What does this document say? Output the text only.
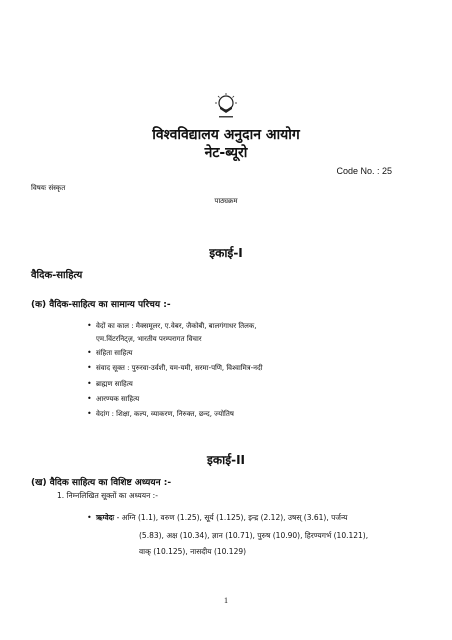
विश्वविद्यालय अनुदान आयोग
नेट-ब्यूरो
Code No. : 25
विषयः संस्कृत
पाठ्यक्रम
इकाई-I
वैदिक-साहित्य
(क) वैदिक-साहित्य का सामान्य परिचय :-
• वेदों का काल : मैक्समूलर, ए.वेबर, जैकोबी, बालगंगाधर तिलक,
एम.विंटरनिट्ज़, भारतीय परम्परागत विचार
• संहिता साहित्य
• संवाद सूक्त : पुरुरवा-उर्वशी, यम-यमी, सरमा-पणि, विश्वामित्र-नदी
• ब्राह्मण साहित्य
• आरण्यक साहित्य
• वेदांग : शिक्षा, कल्प, व्याकरण, निरुक्त, छन्द, ज्योतिष
इकाई-II
(ख) वैदिक साहित्य का विशिष्ट अध्ययन :-
1. निम्नलिखित सूक्तों का अध्ययन :-
• ऋग्वेदः - अग्नि (1.1), वरुण (1.25), सूर्य (1.125), इन्द्र (2.12), उषस् (3.61), पर्जन्य
(5.83), अक्ष (10.34), ज्ञान (10.71), पुरुष (10.90), हिरण्यगर्भ (10.121),
वाक् (10.125), नासदीय (10.129)
1
